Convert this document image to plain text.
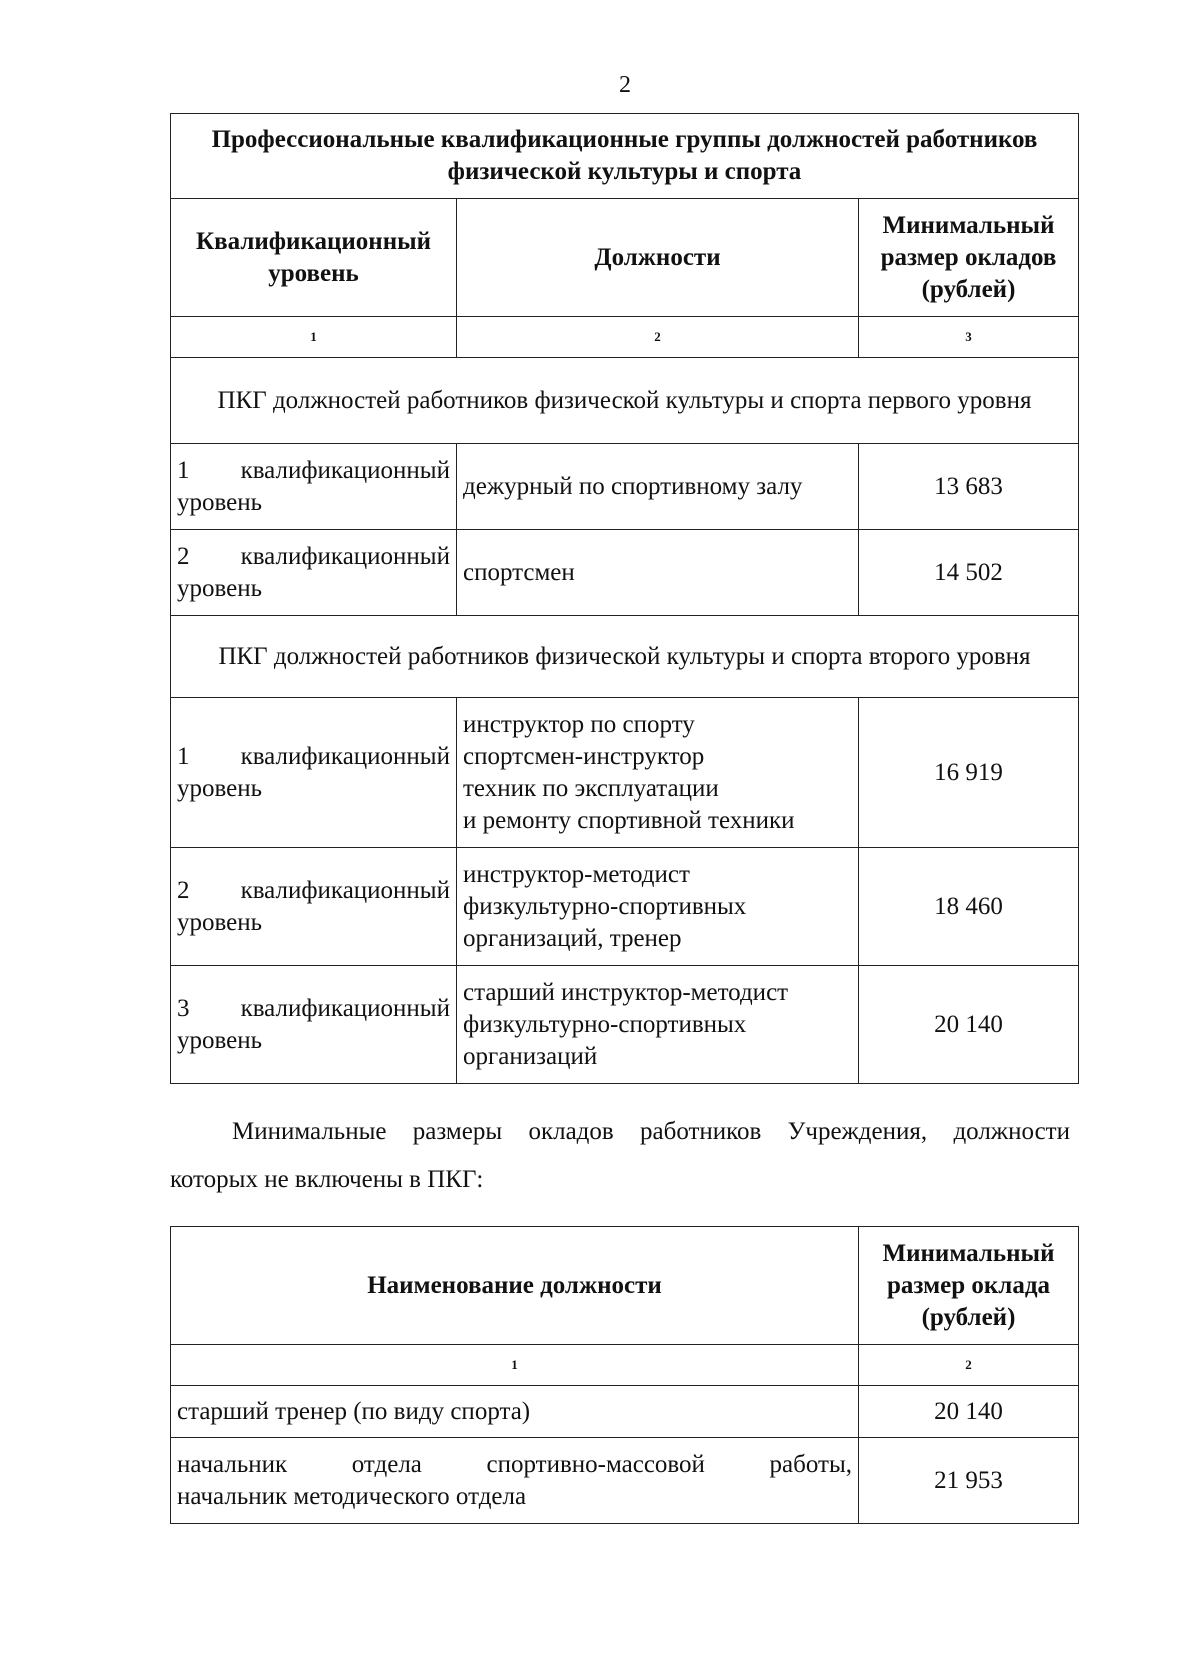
2
Профессиональные квалификационные группы должностей работников физической культуры и спорта		
Квалификационный уровень	Должности	Минимальный размер окладов (рублей)
1	2	3
ПКГ должностей работников физической культуры и спорта первого уровня		

1 квалификационный
уровень	дежурный по спортивному залу	13 683

2 квалификационный
уровень	спортсмен	14 502
ПКГ должностей работников физической культуры и спорта второго уровня		

1 квалификационный
уровень	инструктор по спорту
спортсмен-инструктор
техник по эксплуатации
и ремонту спортивной техники	16 919

2 квалификационный
уровень	инструктор-методист
физкультурно-спортивных
организаций, тренер	18 460

3 квалификационный
уровень	старший инструктор-методист
физкультурно-спортивных
организаций	20 140
Минимальные размеры окладов работников Учреждения, должности
которых не включены в ПКГ:
Наименование должности	Минимальный размер оклада (рублей)
1	2

старший тренер (по виду спорта)	20 140

начальник отдела спортивно-массовой работы,
начальник методического отдела	21 953
